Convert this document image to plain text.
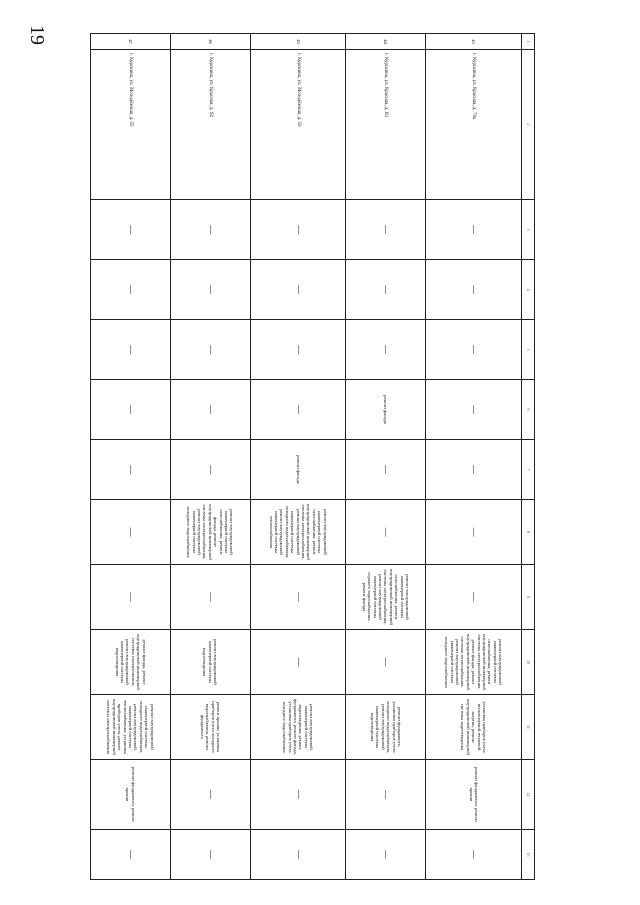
19	1	2	3	4	5	6	7	8	9	10	11	12	13
43	г. Курскина, ул. Красная, д. 70а	—	—	—	—	—	—	—	ремонт внутридомовой инженерной системы газоснабжения, ремонт внутридомовой инженерной системы электроснабжения, ремонт фасада, ремонт внутридомовой инженерной системы теплоснабжения, ремонт внутридомовой инженерной системы холодного водоснабжения	установка приборов учета используемой тепловой энергии, ремонт внутридомовой инженерной системы водоотведения	ремонт фундамента, ремонт крыши	—
44	г. Курскина, ул. Красная, д. 83	—	—	—	ремонт фасада	—	—	ремонт внутридомовой инженерной системы газоснабжения, ремонт внутридомовой инженерной системы электроснабжения, ремонт внутридомовой инженерной системы горячего водоснабжения, ремонт фасада	—	ремонт фундамента, установка приборов учета холодного водоснабжения, ремонт внутридомовой инженерной системы водоотведения	—	—
45	г. Курскина, ул. Молодёжная, д. 50	—	—	—	—	ремонт фасада	ремонт внутридомовой инженерной системы газоснабжения, ремонт внутридомовой инженерной системы электроснабжения, ремонт внутридомовой инженерной системы холодного водоснабжения, ремонт внутридомовой инженерной системы теплоснабжения	—	—	ремонт внутридомовой инженерной системы водоотведения, ремонт фундамента, ремонт фасада, установка приборов учета холодного водоснабжения	—	—
46	г. Курскина, ул. Красная, д. 92	—	—	—	—	—	ремонт внутридомовой инженерной системы газоснабжения, ремонт фасада, ремонт внутридомовой инженерной системы электроснабжения, ремонт внутридомовой инженерной системы холодного водоснабжения	—	ремонт внутридомовой инженерной системы водоотведения	ремонт крыши, установка приборов учета холодного водоснабжения, ремонт фундамента	—	—
47	г. Курскина, ул. Молодёжная, д. 55	—	—	—	—	—	—	—	ремонт фасада, ремонт внутридомовой инженерной системы газоснабжения, ремонт внутридомовой инженерной системы водоотведения	ремонт внутридомовой инженерной системы холодного водоснабжения, ремонт внутридомовой инженерной системы теплоснабжения, установка приборов учета, ремонт внутридомовой инженерной системы электроснабжения	ремонт фундамента, ремонт крыши	—
